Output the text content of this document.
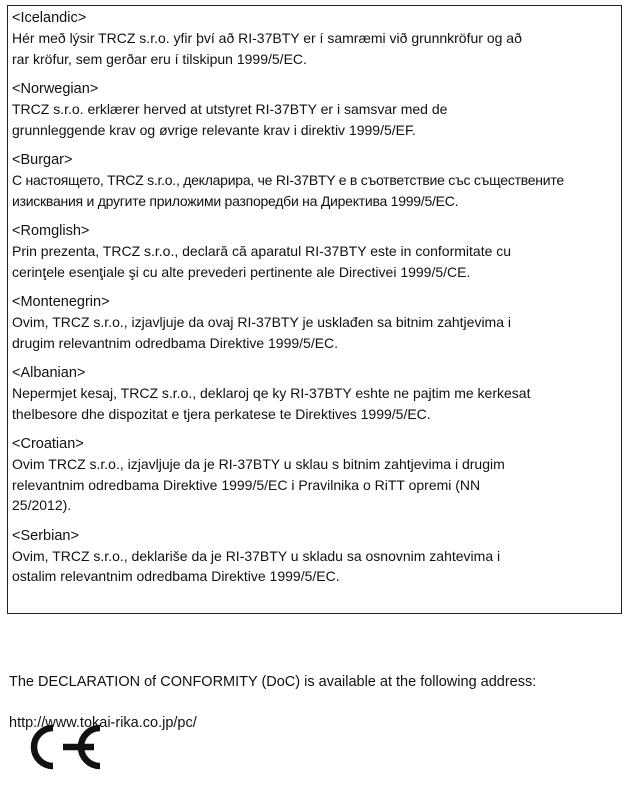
<Icelandic>
Hér með lýsir TRCZ s.r.o. yfir því að RI-37BTY er í samræmi við grunnkröfur og að
rar kröfur, sem gerðar eru í tilskipun 1999/5/EC.
<Norwegian>
TRCZ s.r.o. erklærer herved at utstyret RI-37BTY er i samsvar med de
grunnleggende krav og øvrige relevante krav i direktiv 1999/5/EF.
<Burgar>
С настоящето, TRCZ s.r.o., декларира, че RI-37BTY е в съответствие със съществените изисквания и другите приложими разпоредби на Директива 1999/5/EC.
<Romglish>
Prin prezenta, TRCZ s.r.o., declară că aparatul RI-37BTY este in conformitate cu
cerinţele esenţiale şi cu alte prevederi pertinente ale Directivei 1999/5/CE.
<Montenegrin>
Ovim, TRCZ s.r.o., izjavljuje da ovaj RI-37BTY je usklađen sa bitnim zahtjevima i
drugim relevantnim odredbama Direktive 1999/5/EC.
<Albanian>
Nepermjet kesaj, TRCZ s.r.o., deklaroj qe ky RI-37BTY eshte ne pajtim me kerkesat
thelbesore dhe dispozitat e tjera perkatese te Direktives 1999/5/EC.
<Croatian>
Ovim TRCZ s.r.o., izjavljuje da je RI-37BTY u sklau s bitnim zahtjevima i drugim
relevantnim odredbama Direktive 1999/5/EC i Pravilnika o RiTT opremi (NN
25/2012).
<Serbian>
Ovim, TRCZ s.r.o., deklariše da je RI-37BTY u skladu sa osnovnim zahtevima i
ostalim relevantnim odredbama Direktive 1999/5/EC.

The DECLARATION of CONFORMITY (DoC) is available at the following address:

http://www.tokai-rika.co.jp/pc/
